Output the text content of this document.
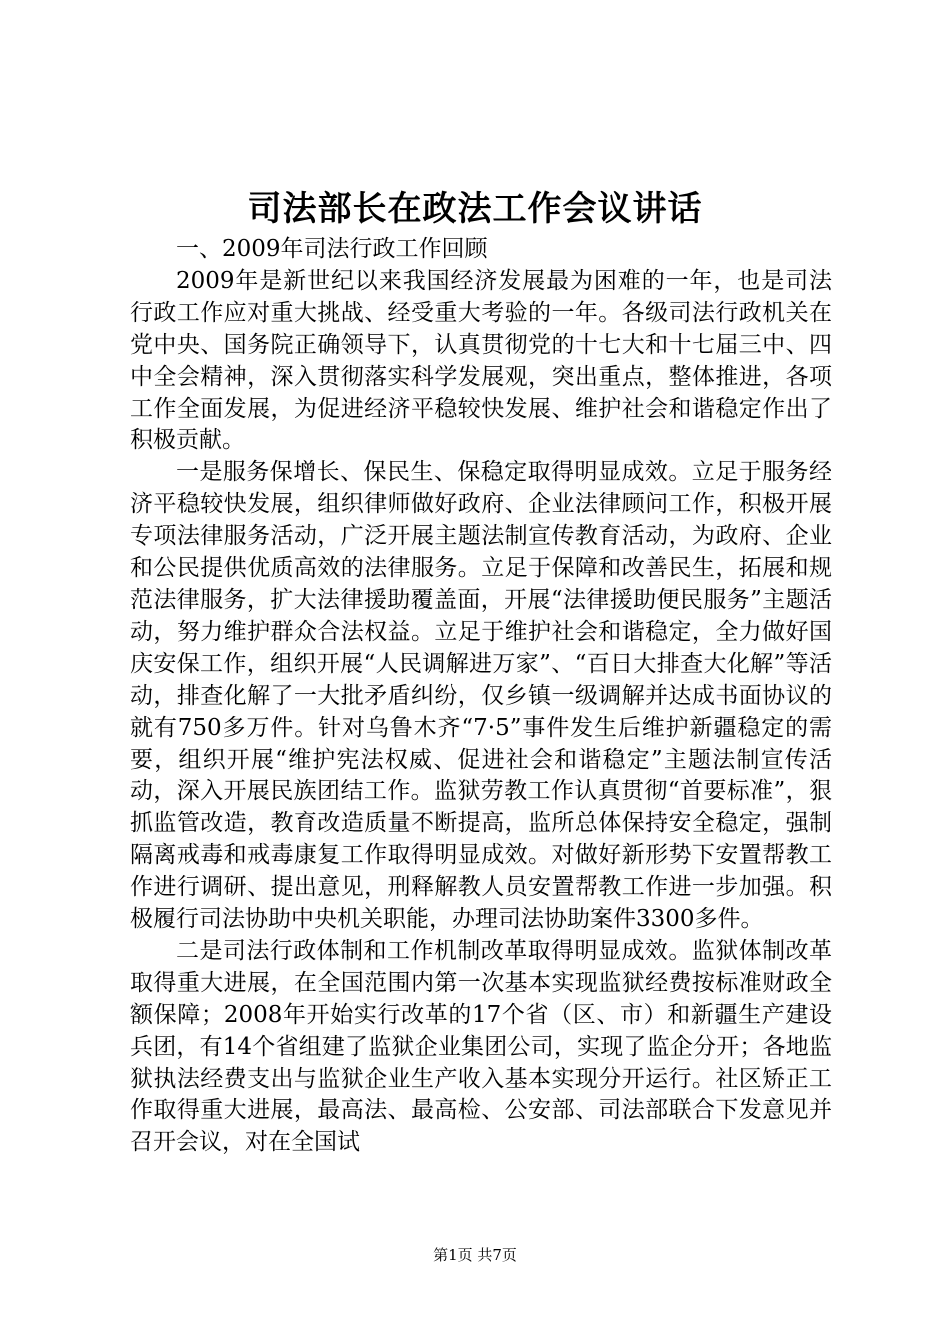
司法部长在政法工作会议讲话

一、2009年司法行政工作回顾

2009年是新世纪以来我国经济发展最为困难的一年，也是司法行政工作应对重大挑战、经受重大考验的一年。各级司法行政机关在党中央、国务院正确领导下，认真贯彻党的十七大和十七届三中、四中全会精神，深入贯彻落实科学发展观，突出重点，整体推进，各项工作全面发展，为促进经济平稳较快发展、维护社会和谐稳定作出了积极贡献。

一是服务保增长、保民生、保稳定取得明显成效。立足于服务经济平稳较快发展，组织律师做好政府、企业法律顾问工作，积极开展专项法律服务活动，广泛开展主题法制宣传教育活动，为政府、企业和公民提供优质高效的法律服务。立足于保障和改善民生，拓展和规范法律服务，扩大法律援助覆盖面，开展“法律援助便民服务”主题活动，努力维护群众合法权益。立足于维护社会和谐稳定，全力做好国庆安保工作，组织开展“人民调解进万家”、“百日大排查大化解”等活动，排查化解了一大批矛盾纠纷，仅乡镇一级调解并达成书面协议的就有750多万件。针对乌鲁木齐“7·5”事件发生后维护新疆稳定的需要，组织开展“维护宪法权威、促进社会和谐稳定”主题法制宣传活动，深入开展民族团结工作。监狱劳教工作认真贯彻“首要标准”，狠抓监管改造，教育改造质量不断提高，监所总体保持安全稳定，强制隔离戒毒和戒毒康复工作取得明显成效。对做好新形势下安置帮教工作进行调研、提出意见，刑释解教人员安置帮教工作进一步加强。积极履行司法协助中央机关职能，办理司法协助案件3300多件。

二是司法行政体制和工作机制改革取得明显成效。监狱体制改革取得重大进展，在全国范围内第一次基本实现监狱经费按标准财政全额保障；2008年开始实行改革的17个省（区、市）和新疆生产建设兵团，有14个省组建了监狱企业集团公司，实现了监企分开；各地监狱执法经费支出与监狱企业生产收入基本实现分开运行。社区矫正工作取得重大进展，最高法、最高检、公安部、司法部联合下发意见并召开会议，对在全国试

第1页 共7页
